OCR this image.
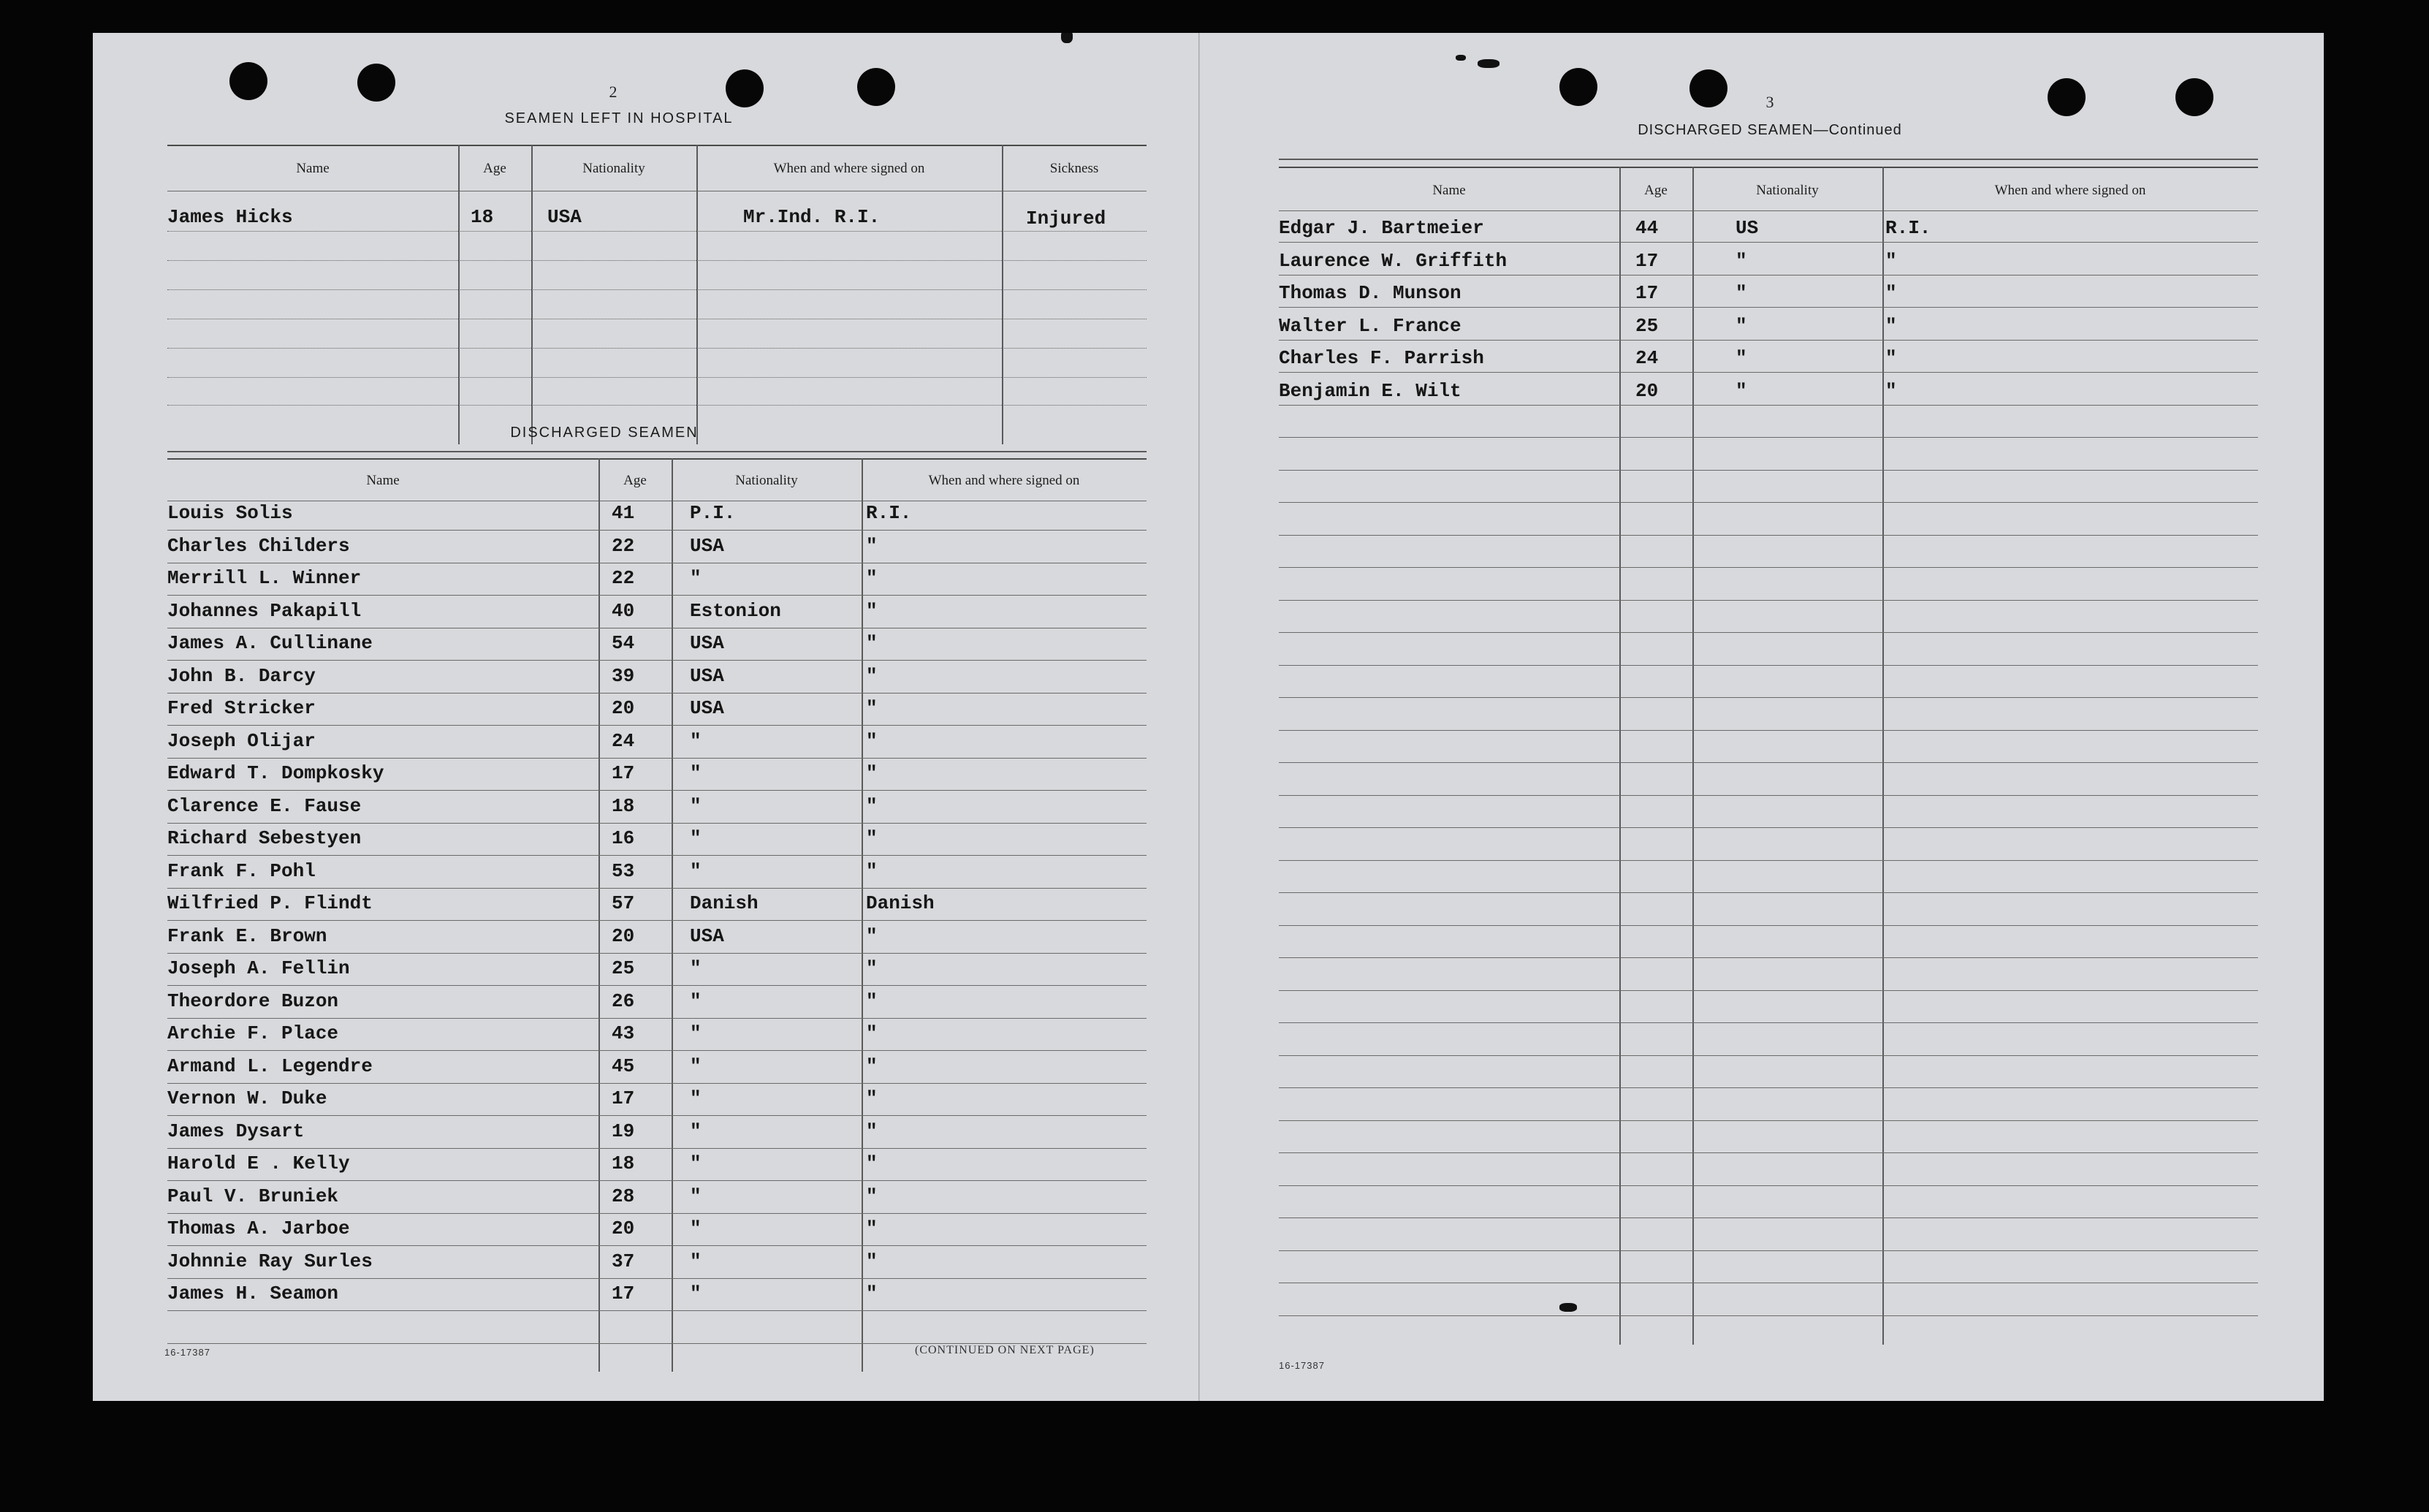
2
SEAMEN LEFT IN HOSPITAL
Name	Age	Nationality	When and where signed on	Sickness
James Hicks	18	USA	Mr.Ind. R.I.	Injured
DISCHARGED SEAMEN
Name	Age	Nationality	When and where signed on
Louis Solis	41	P.I.	R.I.
Charles Childers	22	USA	"
Merrill L. Winner	22	"	"
Johannes Pakapill	40	Estonion	"
James A. Cullinane	54	USA	"
John B. Darcy	39	USA	"
Fred Stricker	20	USA	"
Joseph Olijar	24	"	"
Edward T. Dompkosky	17	"	"
Clarence E. Fause	18	"	"
Richard Sebestyen	16	"	"
Frank F. Pohl	53	"	"
Wilfried P. Flindt	57	Danish	Danish
Frank E. Brown	20	USA	"
Joseph A. Fellin	25	"	"
Theordore Buzon	26	"	"
Archie F. Place	43	"	"
Armand L. Legendre	45	"	"
Vernon W. Duke	17	"	"
James Dysart	19	"	"
Harold E . Kelly	18	"	"
Paul V. Bruniek	28	"	"
Thomas A. Jarboe	20	"	"
Johnnie Ray Surles	37	"	"
James H. Seamon	17	"	"
16-17387	(CONTINUED ON NEXT PAGE)
3
DISCHARGED SEAMEN—Continued
Name	Age	Nationality	When and where signed on
Edgar J. Bartmeier	44	US	R.I.
Laurence W. Griffith	17	"	"
Thomas D. Munson	17	"	"
Walter L. France	25	"	"
Charles F. Parrish	24	"	"
Benjamin E. Wilt	20	"	"
16-17387
